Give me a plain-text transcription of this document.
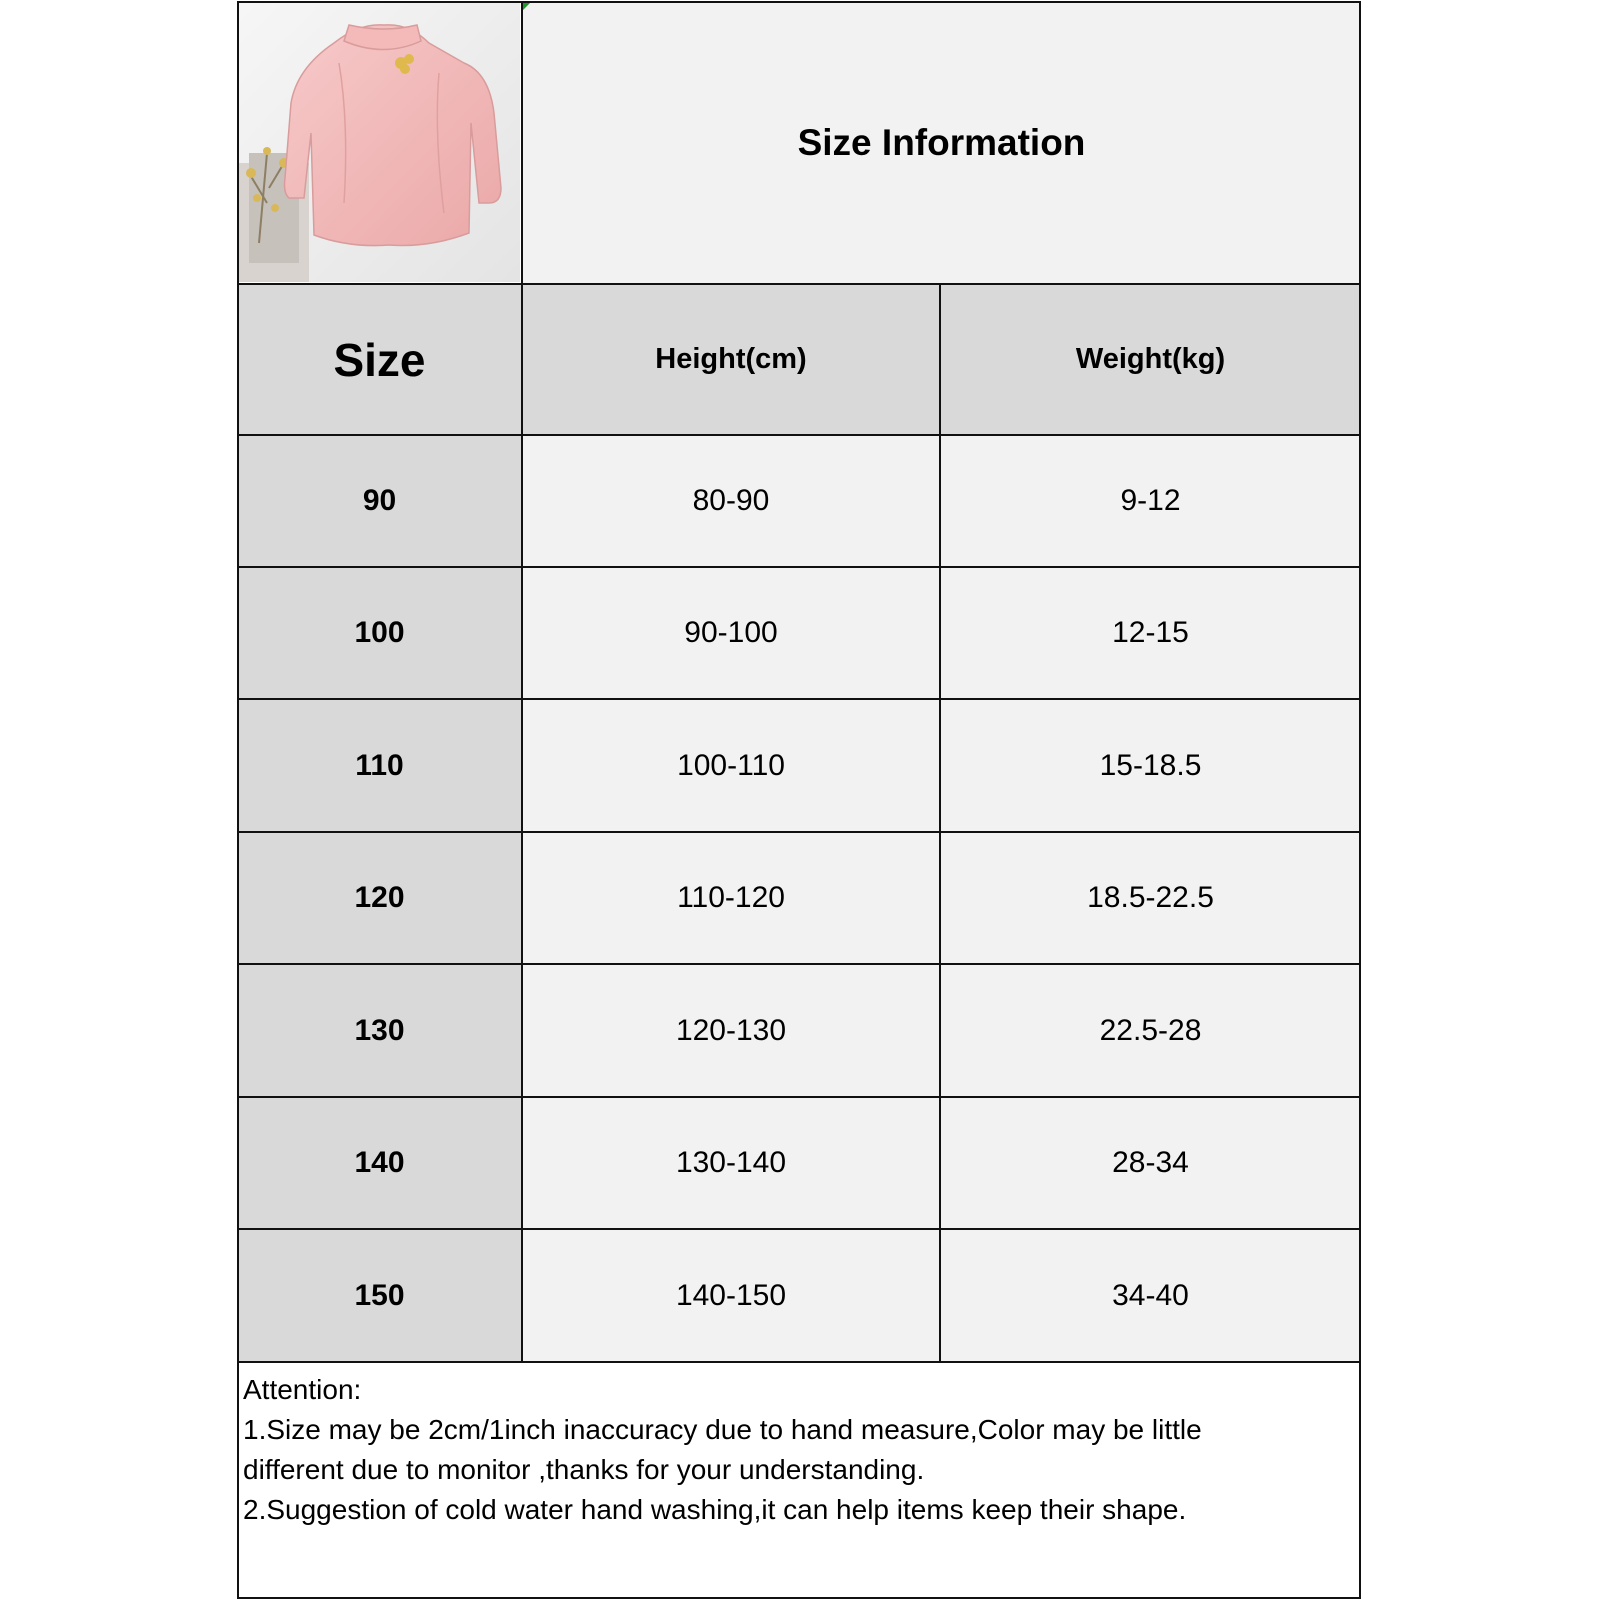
Size Information
Size	Height(cm)	Weight(kg)
90	80-90	9-12
100	90-100	12-15
110	100-110	15-18.5
120	110-120	18.5-22.5
130	120-130	22.5-28
140	130-140	28-34
150	140-150	34-40
Attention:
1.Size may be 2cm/1inch inaccuracy due to hand measure,Color may be little
different due to monitor ,thanks for your understanding.
2.Suggestion of cold water hand washing,it can help items keep their shape.
